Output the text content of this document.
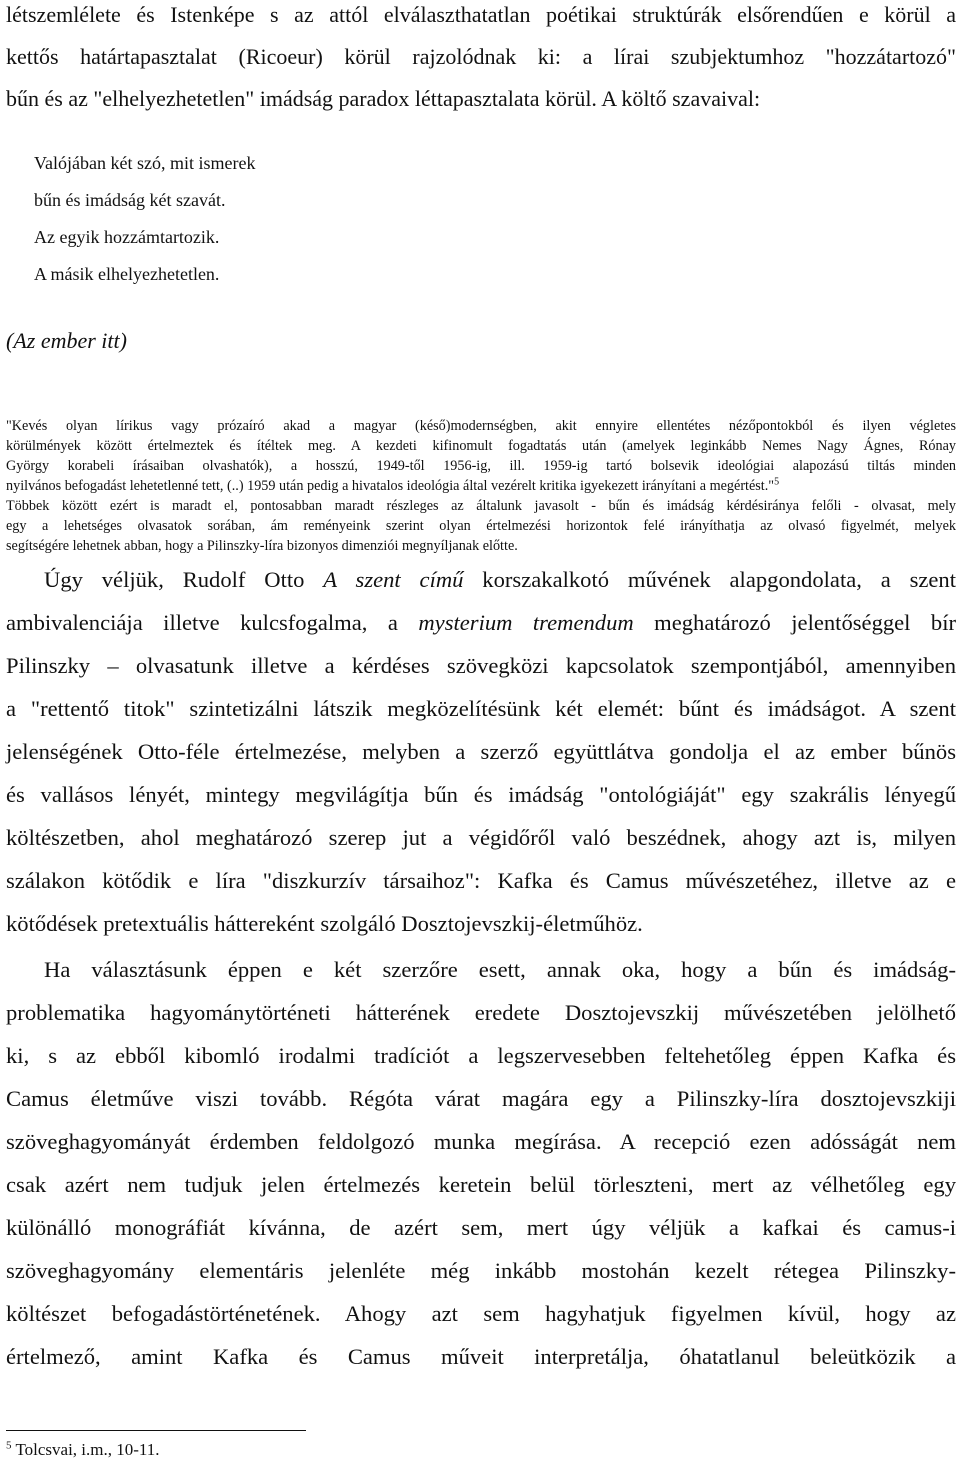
létszemlélete és Istenképe s az attól elválaszthatatlan poétikai struktúrák elsőrendűen e körül a
kettős határtapasztalat (Ricoeur) körül rajzolódnak ki: a lírai szubjektumhoz "hozzátartozó"
bűn és az "elhelyezhetetlen" imádság paradox léttapasztalata körül. A költő szavaival:
Valójában két szó, mit ismerek
bűn és imádság két szavát.
Az egyik hozzámtartozik.
A másik elhelyezhetetlen.
(Az ember itt)
"Kevés olyan lírikus vagy prózaíró akad a magyar (késő)modernségben, akit ennyire ellentétes nézőpontokból és ilyen végletes
körülmények között értelmeztek és ítéltek meg. A kezdeti kifinomult fogadtatás után (amelyek leginkább Nemes Nagy Ágnes, Rónay
György korabeli írásaiban olvashatók), a hosszú, 1949-től 1956-ig, ill. 1959-ig tartó bolsevik ideológiai alapozású tiltás minden
nyilvános befogadást lehetetlenné tett, (..) 1959 után pedig a hivatalos ideológia által vezérelt kritika igyekezett irányítani a megértést."$^5$
Többek között ezért is maradt el, pontosabban maradt részleges az általunk javasolt - bűn és imádság kérdésiránya felőli - olvasat, mely
egy a lehetséges olvasatok sorában, ám reményeink szerint olyan értelmezési horizontok felé irányíthatja az olvasó figyelmét, melyek
segítségére lehetnek abban, hogy a Pilinszky-líra bizonyos dimenziói megnyíljanak előtte.
Úgy véljük, Rudolf Otto A szent című korszakalkotó művének alapgondolata, a szent
ambivalenciája illetve kulcsfogalma, a mysterium tremendum meghatározó jelentőséggel bír
Pilinszky – olvasatunk illetve a kérdéses szövegközi kapcsolatok szempontjából, amennyiben
a "rettentő titok" szintetizálni látszik megközelítésünk két elemét: bűnt és imádságot. A szent
jelenségének Otto-féle értelmezése, melyben a szerző együttlátva gondolja el az ember bűnös
és vallásos lényét, mintegy megvilágítja bűn és imádság "ontológiáját" egy szakrális lényegű
költészetben, ahol meghatározó szerep jut a végidőről való beszédnek, ahogy azt is, milyen
szálakon kötődik e líra "diszkurzív társaihoz": Kafka és Camus művészetéhez, illetve az e
kötődések pretextuális háttereként szolgáló Dosztojevszkij-életműhöz.
Ha választásunk éppen e két szerzőre esett, annak oka, hogy a bűn és imádság-
problematika hagyománytörténeti hátterének eredete Dosztojevszkij művészetében jelölhető
ki, s az ebből kibomló irodalmi tradíciót a legszervesebben feltehetőleg éppen Kafka és
Camus életműve viszi tovább. Régóta várat magára egy a Pilinszky-líra dosztojevszkiji
szöveghagyományát érdemben feldolgozó munka megírása. A recepció ezen adósságát nem
csak azért nem tudjuk jelen értelmezés keretein belül törleszteni, mert az vélhetőleg egy
különálló monográfiát kívánna, de azért sem, mert úgy véljük a kafkai és camus-i
szöveghagyomány elementáris jelenléte még inkább mostohán kezelt rétegea Pilinszky-
költészet befogadástörténetének. Ahogy azt sem hagyhatjuk figyelmen kívül, hogy az
értelmező, amint Kafka és Camus műveit interpretálja, óhatatlanul beleütközik a
$^5$ Tolcsvai, i.m., 10-11.
